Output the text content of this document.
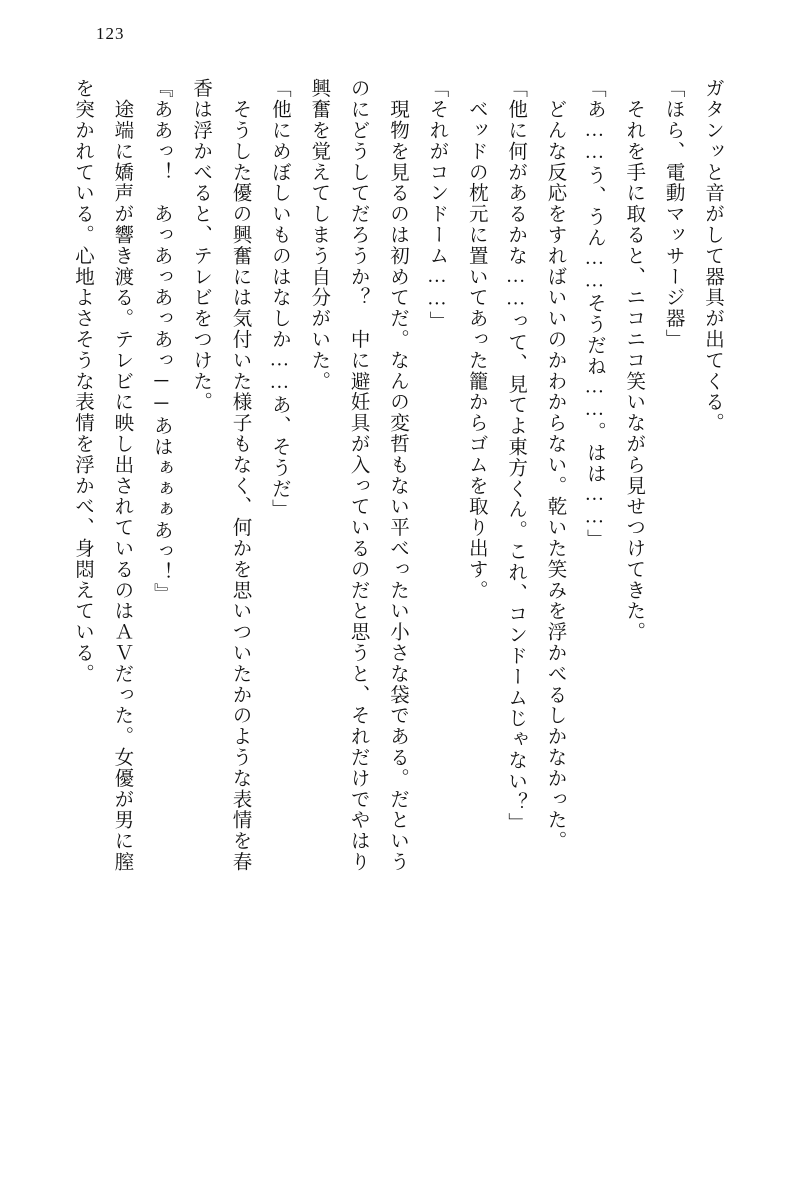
123

ガタンッと音がして器具が出てくる。

「ほら、電動マッサージ器」

　それを手に取ると、ニコニコ笑いながら見せつけてきた。

「あ……う、うん……そうだね……。はは……」

　どんな反応をすればいいのかわからない。乾いた笑みを浮かべるしかなかった。

「他に何があるかな……って、見てよ東方くん。これ、コンドームじゃない？」

　ベッドの枕元に置いてあった籠からゴムを取り出す。

「それがコンドーム……」

　現物を見るのは初めてだ。なんの変哲もない平べったい小さな袋である。だという

のにどうしてだろうか？　中に避妊具が入っているのだと思うと、それだけでやはり

興奮を覚えてしまう自分がいた。

「他にめぼしいものはなしか……あ、そうだ」

　そうした優の興奮には気付いた様子もなく、何かを思いついたかのような表情を春

香は浮かべると、テレビをつけた。

『ああっ！　あっあっあっあっ──あはぁぁぁあっ！』

　途端に嬌声が響き渡る。テレビに映し出されているのはＡＶだった。女優が男に膣

を突かれている。心地よさそうな表情を浮かべ、身悶えている。
